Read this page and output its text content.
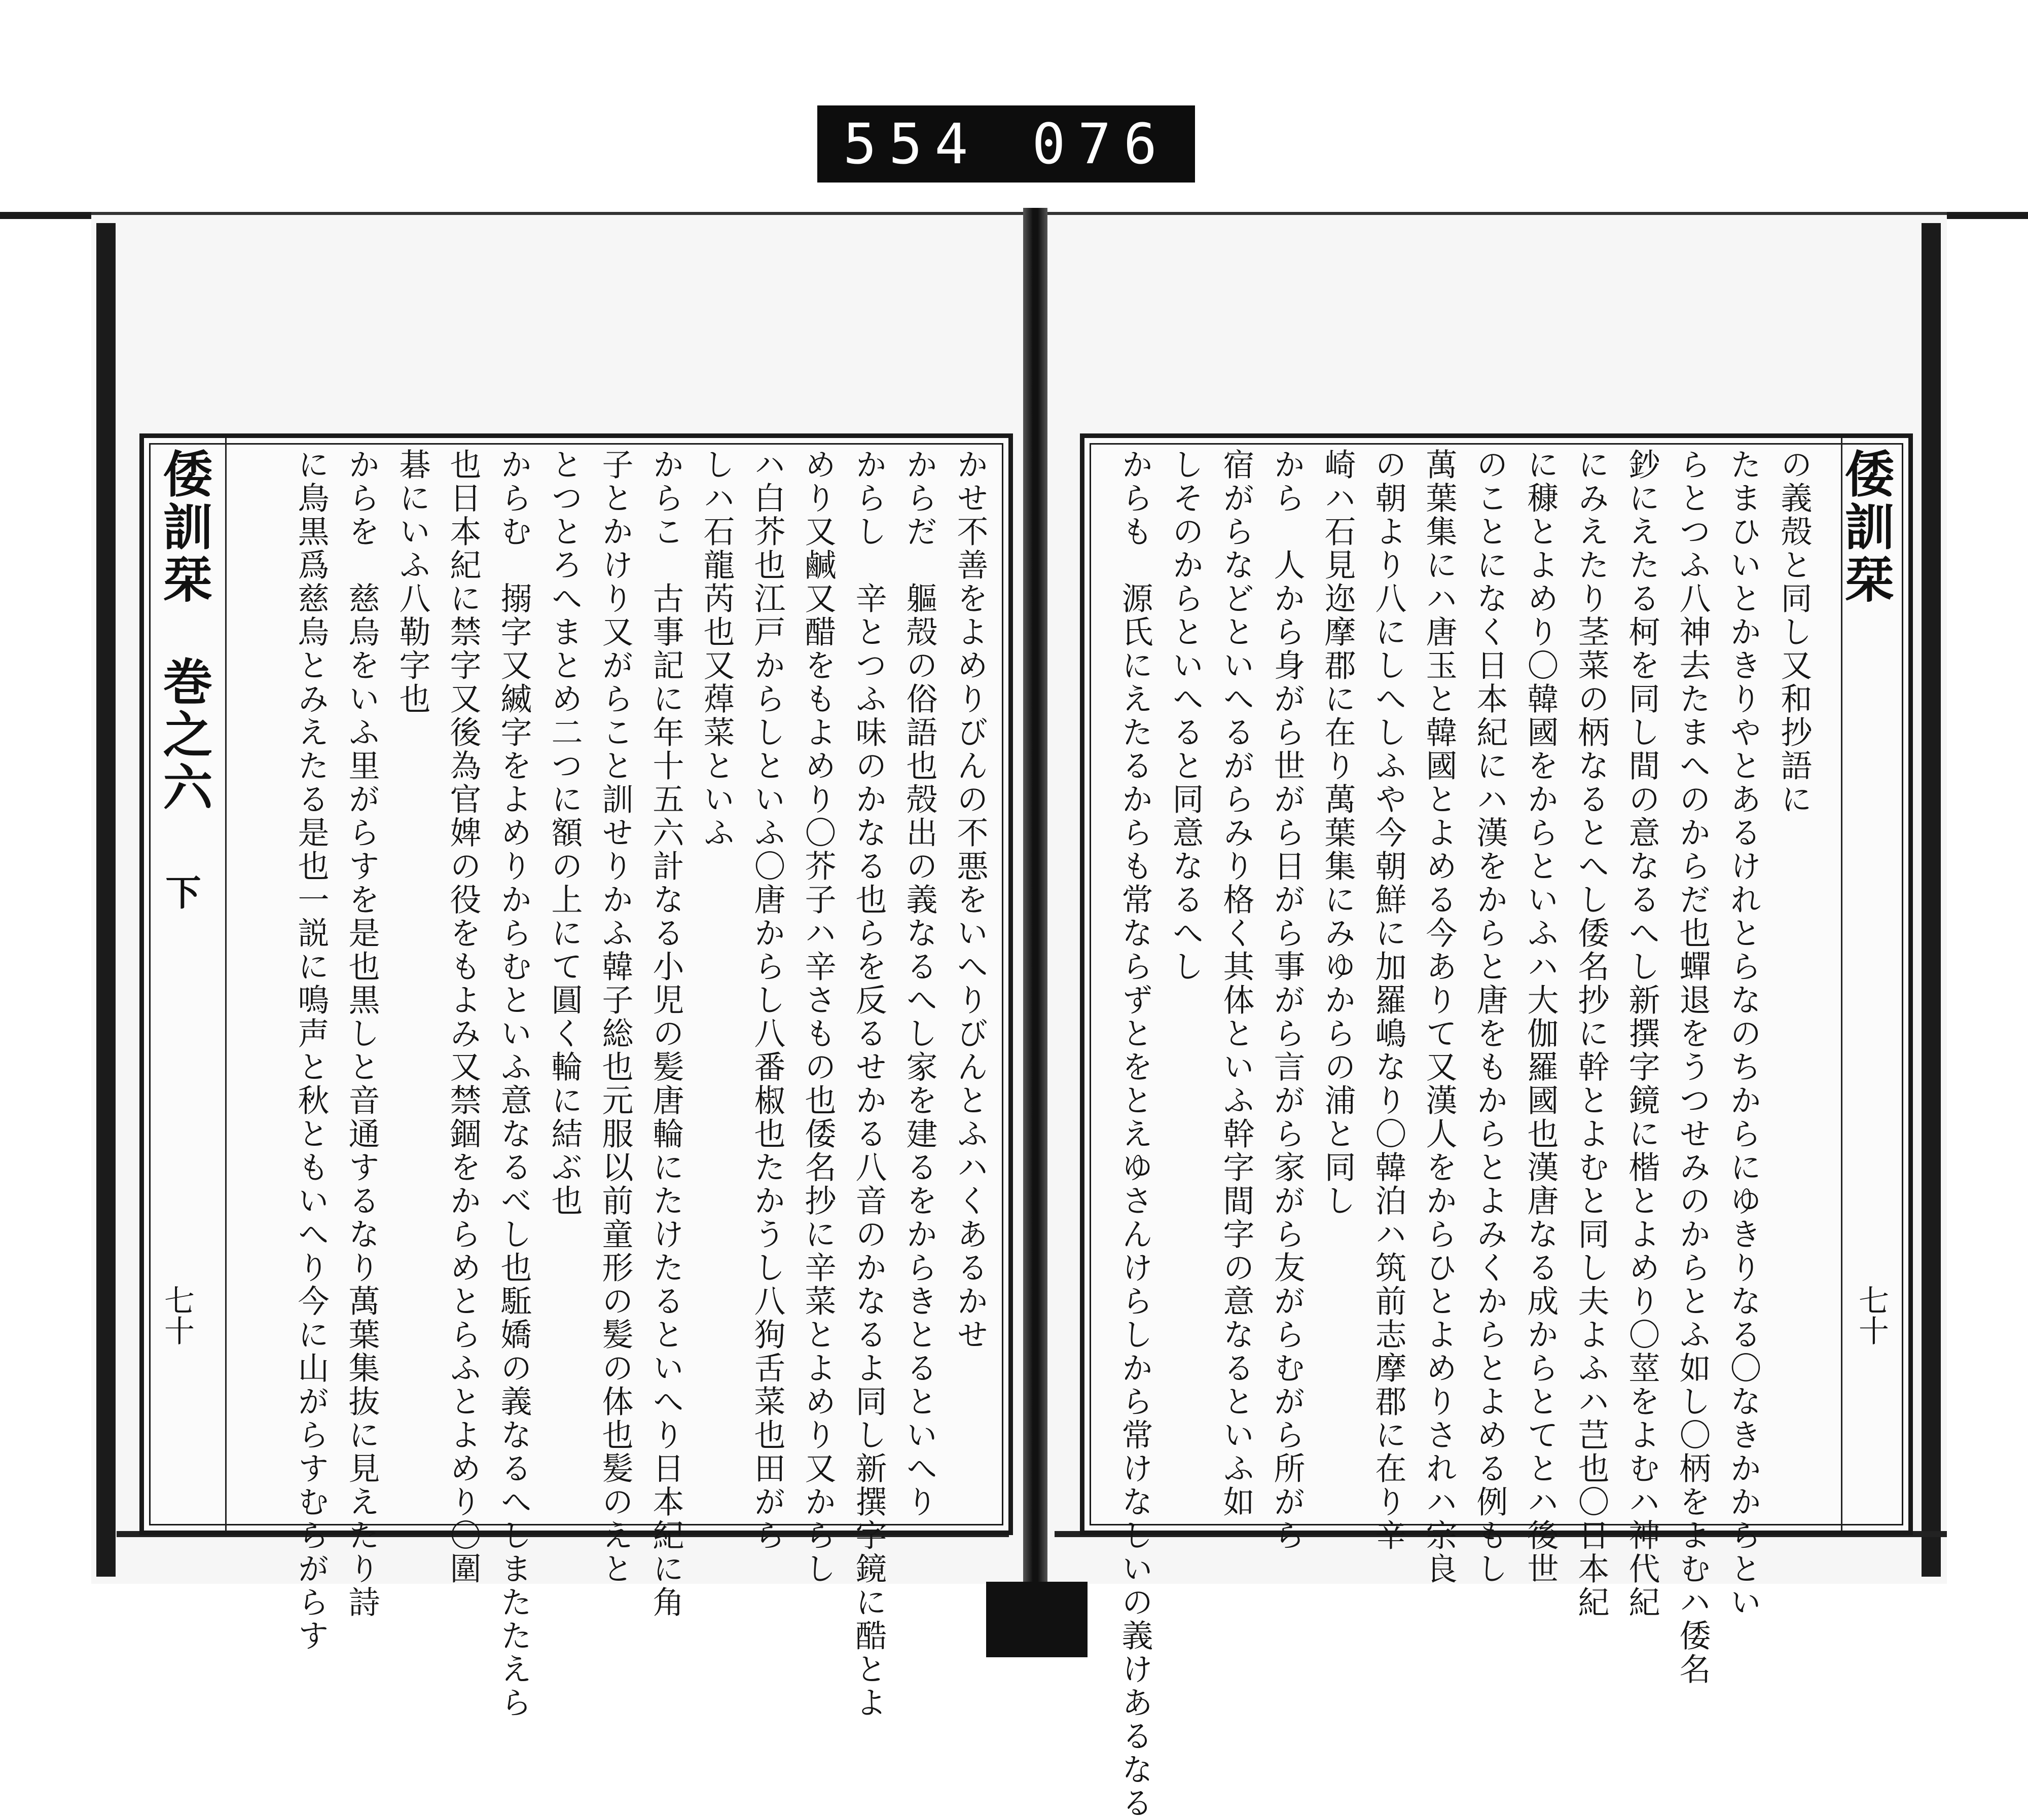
554 076
倭訓栞
巻之六
下
七十	かせ不善をよめりびんの不悪をいへりびんとふハくあるかせ
からだ　軀殻の俗語也殻出の義なるへし家を建るをからきとるといへり
からし　辛とつふ味のかなる也らを反るせかる八音のかなるよ同し新撰字鏡に酷とよ
めり又鹹又醋をもよめり〇芥子ハ辛さもの也倭名抄に辛菜とよめり又からし
ハ白芥也江戸からしといふ〇唐からし八番椒也たかうし八狗舌菜也田がら
しハ石龍芮也又蔊菜といふ
からこ　古事記に年十五六計なる小児の髪唐輪にたけたるといへり日本紀に角
子とかけり又がらこと訓せりかふ韓子総也元服以前童形の髪の体也髪のえと
とつとろへまとめ二つに額の上にて圓く輪に結ぶ也
からむ　搦字又縅字をよめりからむといふ意なるべし也駈嬌の義なるへしまたたえら
也日本紀に禁字又後為官婢の役をもよみ又禁錮をからめとらふとよめり〇圍
碁にいふ八勒字也
からを　慈烏をいふ里がらすを是也黒しと音通するなり萬葉集抜に見えたり詩
に鳥黒爲慈烏とみえたる是也一説に鳴声と秋ともいへり今に山がらすむらがらす	の義殻と同し又和抄語に
たまひいとかきりやとあるけれとらなのちからにゆきりなる〇なきかからとい
らとつふ八神去たまへのからだ也蟬退をうつせみのからとふ如し〇柄をよむハ倭名
鈔にえたる柯を同し間の意なるへし新撰字鏡に楷とよめり〇莖をよむハ神代紀
にみえたり茎菜の柄なるとへし倭名抄に幹とよむと同し夫よふハ芑也〇日本紀
に穅とよめり〇韓國をからといふハ大伽羅國也漢唐なる成からとてとハ後世
のことになく日本紀にハ漢をからと唐をもからとよみくからとよめる例もし
萬葉集にハ唐玉と韓國とよめる今ありて又漢人をからひとよめりされハ宗良
の朝より八にしへしふや今朝鮮に加羅嶋なり〇韓泊ハ筑前志摩郡に在り辛
崎ハ石見迩摩郡に在り萬葉集にみゆからの浦と同し
から　人から身がら世がら日がら事がら言がら家がら友がらむがら所がら
宿がらなどといへるがらみり格く其体といふ幹字間字の意なるといふ如
しそのからといへると同意なるへし
からも　源氏にえたるからも常ならずとをとえゆさんけらしから常けなしいの義けあるなる	倭訓栞
七十
